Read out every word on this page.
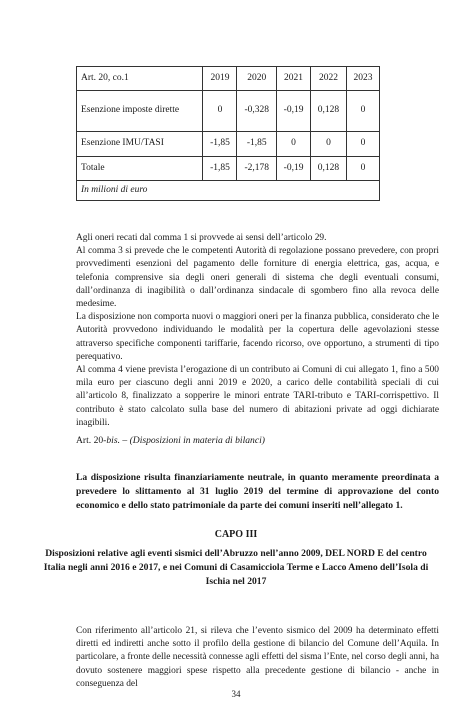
Art. 20, co.1	2019	2020	2021	2022	2023
Esenzione imposte dirette	0	-0,328	-0,19	0,128	0
Esenzione IMU/TASI	-1,85	-1,85	0	0	0
Totale	-1,85	-2,178	-0,19	0,128	0
In milioni di euro					

Agli oneri recati dal comma 1 si provvede ai sensi dell’articolo 29.

Al comma 3 si prevede che le competenti Autorità di regolazione possano prevedere, con propri provvedimenti esenzioni del pagamento delle forniture di energia elettrica, gas, acqua, e telefonia comprensive sia degli oneri generali di sistema che degli eventuali consumi, dall’ordinanza di inagibilità o dall’ordinanza sindacale di sgombero fino alla revoca delle medesime.

La disposizione non comporta nuovi o maggiori oneri per la finanza pubblica, considerato che le Autorità provvedono individuando le modalità per la copertura delle agevolazioni stesse attraverso specifiche componenti tariffarie, facendo ricorso, ove opportuno, a strumenti di tipo perequativo.

Al comma 4 viene prevista l’erogazione di un contributo ai Comuni di cui allegato 1, fino a 500 mila euro per ciascuno degli anni 2019 e 2020, a carico delle contabilità speciali di cui all’articolo 8, finalizzato a sopperire le minori entrate TARI-tributo e TARI-corrispettivo. Il contributo è stato calcolato sulla base del numero di abitazioni private ad oggi dichiarate inagibili.

Art. 20-bis. – (Disposizioni in materia di bilanci)

La disposizione risulta finanziariamente neutrale, in quanto meramente preordinata a prevedere lo slittamento al 31 luglio 2019 del termine di approvazione del conto economico e dello stato patrimoniale da parte dei comuni inseriti nell’allegato 1.

CAPO III
Disposizioni relative agli eventi sismici dell’Abruzzo nell’anno 2009, DEL NORD E del centro Italia negli anni 2016 e 2017, e nei Comuni di Casamicciola Terme e Lacco Ameno dell’Isola di Ischia nel 2017

Con riferimento all’articolo 21, si rileva che l’evento sismico del 2009 ha determinato effetti diretti ed indiretti anche sotto il profilo della gestione di bilancio del Comune dell’Aquila. In particolare, a fronte delle necessità connesse agli effetti del sisma l’Ente, nel corso degli anni, ha dovuto sostenere maggiori spese rispetto alla precedente gestione di bilancio - anche in conseguenza del

34
